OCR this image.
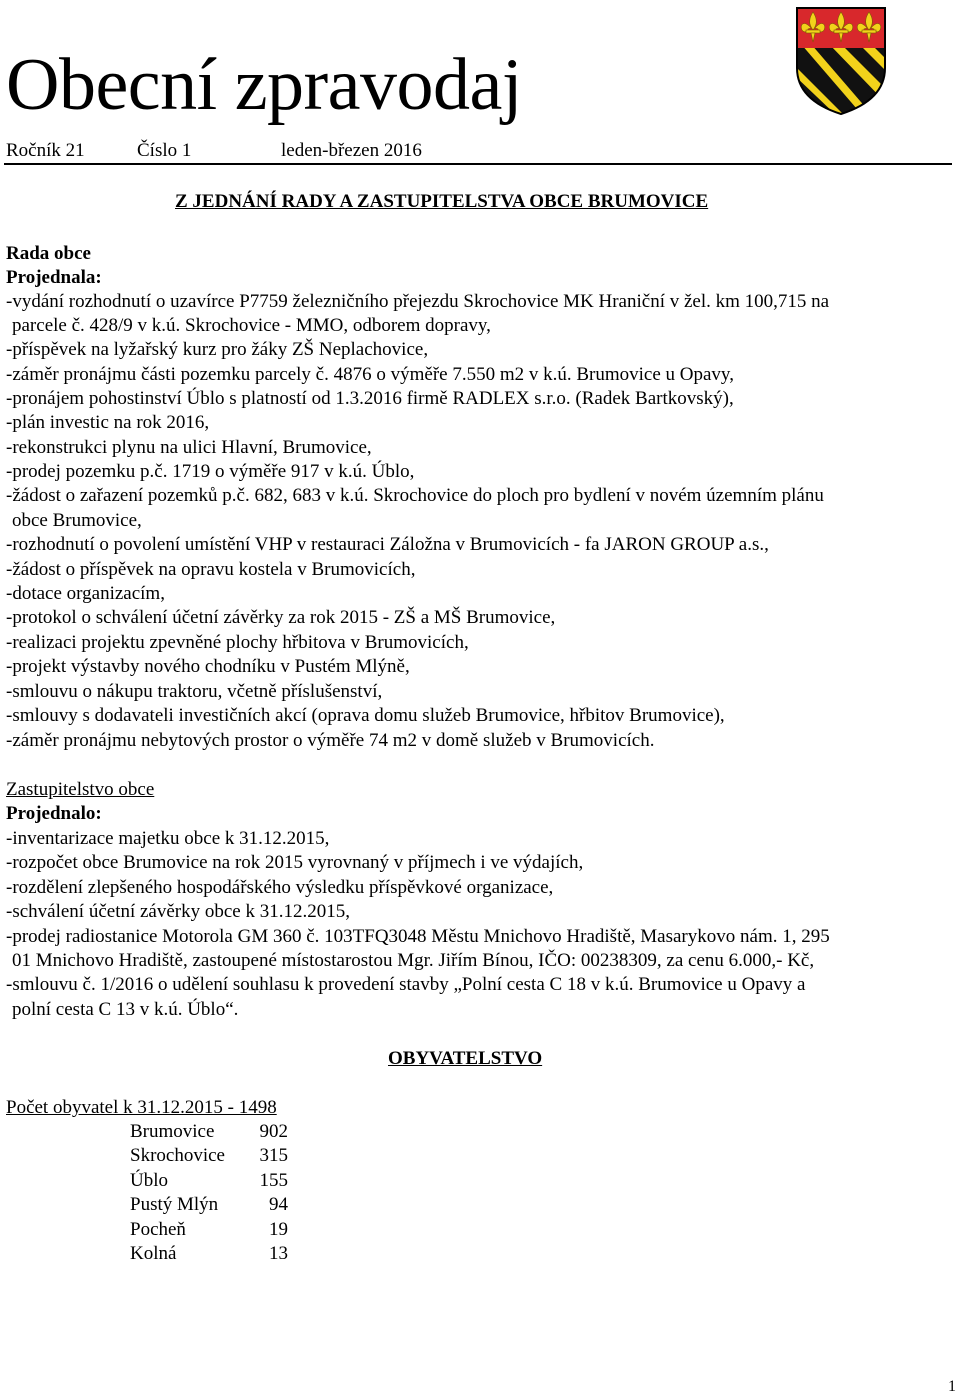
Obecní zpravodaj
Ročník 21	Číslo 1	leden-březen 2016
Z JEDNÁNÍ RADY A ZASTUPITELSTVA OBCE BRUMOVICE
Rada obce
Projednala:
-vydání rozhodnutí o uzavírce P7759 železničního přejezdu Skrochovice MK Hraniční v žel. km 100,715 na
parcele č. 428/9 v k.ú. Skrochovice - MMO, odborem dopravy,
-příspěvek na lyžařský kurz pro žáky ZŠ Neplachovice,
-záměr pronájmu části pozemku parcely č. 4876 o výměře 7.550 m2 v k.ú. Brumovice u Opavy,
-pronájem pohostinství Úblo s platností od 1.3.2016 firmě RADLEX s.r.o. (Radek Bartkovský),
-plán investic na rok 2016,
-rekonstrukci plynu na ulici Hlavní, Brumovice,
-prodej pozemku p.č. 1719 o výměře 917 v k.ú. Úblo,
-žádost o zařazení pozemků p.č. 682, 683 v k.ú. Skrochovice do ploch pro bydlení v novém územním plánu
obce Brumovice,
-rozhodnutí o povolení umístění VHP v restauraci Záložna v Brumovicích - fa JARON GROUP a.s.,
-žádost o příspěvek na opravu kostela v Brumovicích,
-dotace organizacím,
-protokol o schválení účetní závěrky za rok 2015 - ZŠ a MŠ Brumovice,
-realizaci projektu zpevněné plochy hřbitova v Brumovicích,
-projekt výstavby nového chodníku v Pustém Mlýně,
-smlouvu o nákupu traktoru, včetně příslušenství,
-smlouvy s dodavateli investičních akcí (oprava domu služeb Brumovice, hřbitov Brumovice),
-záměr pronájmu nebytových prostor o výměře 74 m2 v domě služeb v Brumovicích.
Zastupitelstvo obce
Projednalo:
-inventarizace majetku obce k 31.12.2015,
-rozpočet obce Brumovice na rok 2015 vyrovnaný v příjmech i ve výdajích,
-rozdělení zlepšeného hospodářského výsledku příspěvkové organizace,
-schválení účetní závěrky obce k 31.12.2015,
-prodej radiostanice Motorola GM 360 č. 103TFQ3048 Městu Mnichovo Hradiště, Masarykovo nám. 1, 295
01 Mnichovo Hradiště, zastoupené místostarostou Mgr. Jiřím Bínou, IČO: 00238309, za cenu 6.000,- Kč,
-smlouvu č. 1/2016 o udělení souhlasu k provedení stavby „Polní cesta C 18 v k.ú. Brumovice u Opavy a
polní cesta C 13 v k.ú. Úblo“.
OBYVATELSTVO
Počet obyvatel k 31.12.2015 - 1498
Brumovice 902
Skrochovice 315
Úblo	155
Pustý Mlýn	94
Pocheň	19
Kolná	13
1
